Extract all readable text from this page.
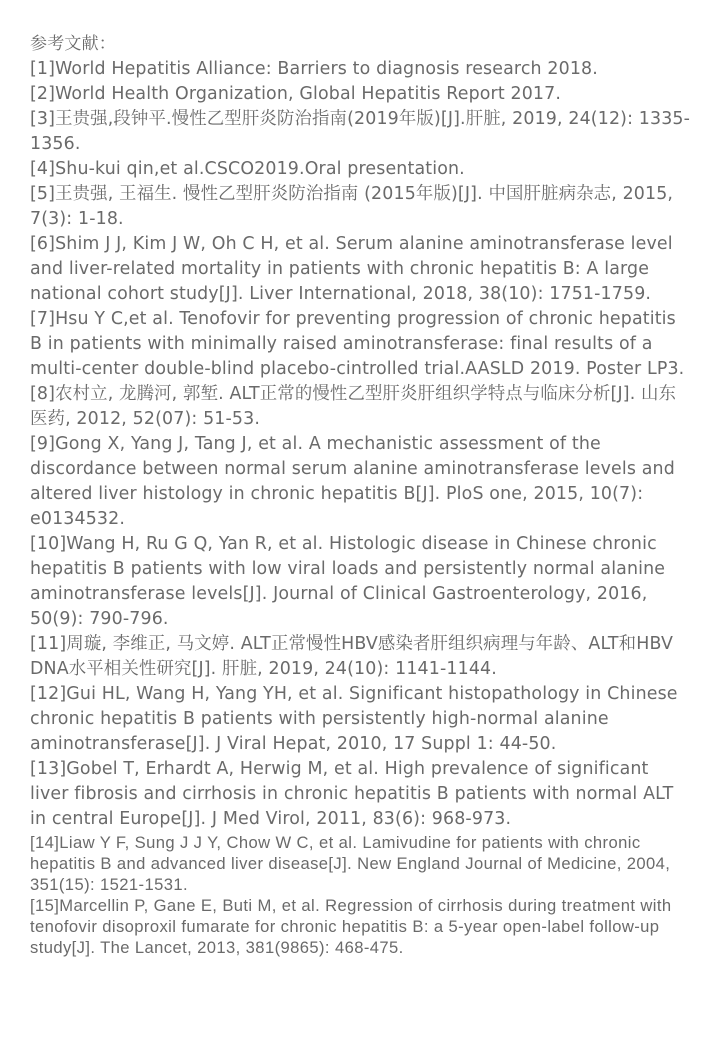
参考文献：

[1]World Hepatitis Alliance: Barriers to diagnosis research 2018.
[2]World Health Organization, Global Hepatitis Report 2017.
[3]王贵强,段钟平.慢性乙型肝炎防治指南(2019年版)[J].肝脏, 2019, 24(12): 1335-1356.
[4]Shu-kui qin,et al.CSCO2019.Oral presentation.
[5]王贵强, 王福生. 慢性乙型肝炎防治指南 (2015年版)[J]. 中国肝脏病杂志, 2015, 7(3): 1-18.
[6]Shim J J, Kim J W, Oh C H, et al. Serum alanine aminotransferase level and liver-related mortality in patients with chronic hepatitis B: A large national cohort study[J]. Liver International, 2018, 38(10): 1751-1759.
[7]Hsu Y C,et al. Tenofovir for preventing progression of chronic hepatitis B in patients with minimally raised aminotransferase: final results of a multi-center double-blind placebo-cintrolled trial.AASLD 2019. Poster LP3.
[8]农村立, 龙腾河, 郭堑. ALT正常的慢性乙型肝炎肝组织学特点与临床分析[J]. 山东医药, 2012, 52(07): 51-53.
[9]Gong X, Yang J, Tang J, et al. A mechanistic assessment of the discordance between normal serum alanine aminotransferase levels and altered liver histology in chronic hepatitis B[J]. PloS one, 2015, 10(7): e0134532.
[10]Wang H, Ru G Q, Yan R, et al. Histologic disease in Chinese chronic hepatitis B patients with low viral loads and persistently normal alanine aminotransferase levels[J]. Journal of Clinical Gastroenterology, 2016, 50(9): 790-796.
[11]周璇, 李维正, 马文婷. ALT正常慢性HBV感染者肝组织病理与年龄、ALT和HBV DNA水平相关性研究[J]. 肝脏, 2019, 24(10): 1141-1144.
[12]Gui HL, Wang H, Yang YH, et al. Significant histopathology in Chinese chronic hepatitis B patients with persistently high-normal alanine aminotransferase[J]. J Viral Hepat, 2010, 17 Suppl 1: 44-50.
[13]Gobel T, Erhardt A, Herwig M, et al. High prevalence of significant liver fibrosis and cirrhosis in chronic hepatitis B patients with normal ALT in central Europe[J]. J Med Virol, 2011, 83(6): 968-973.
[14]Liaw Y F, Sung J J Y, Chow W C, et al. Lamivudine for patients with chronic hepatitis B and advanced liver disease[J]. New England Journal of Medicine, 2004, 351(15): 1521-1531.
[15]Marcellin P, Gane E, Buti M, et al. Regression of cirrhosis during treatment with tenofovir disoproxil fumarate for chronic hepatitis B: a 5-year open-label follow-up study[J]. The Lancet, 2013, 381(9865): 468-475.
